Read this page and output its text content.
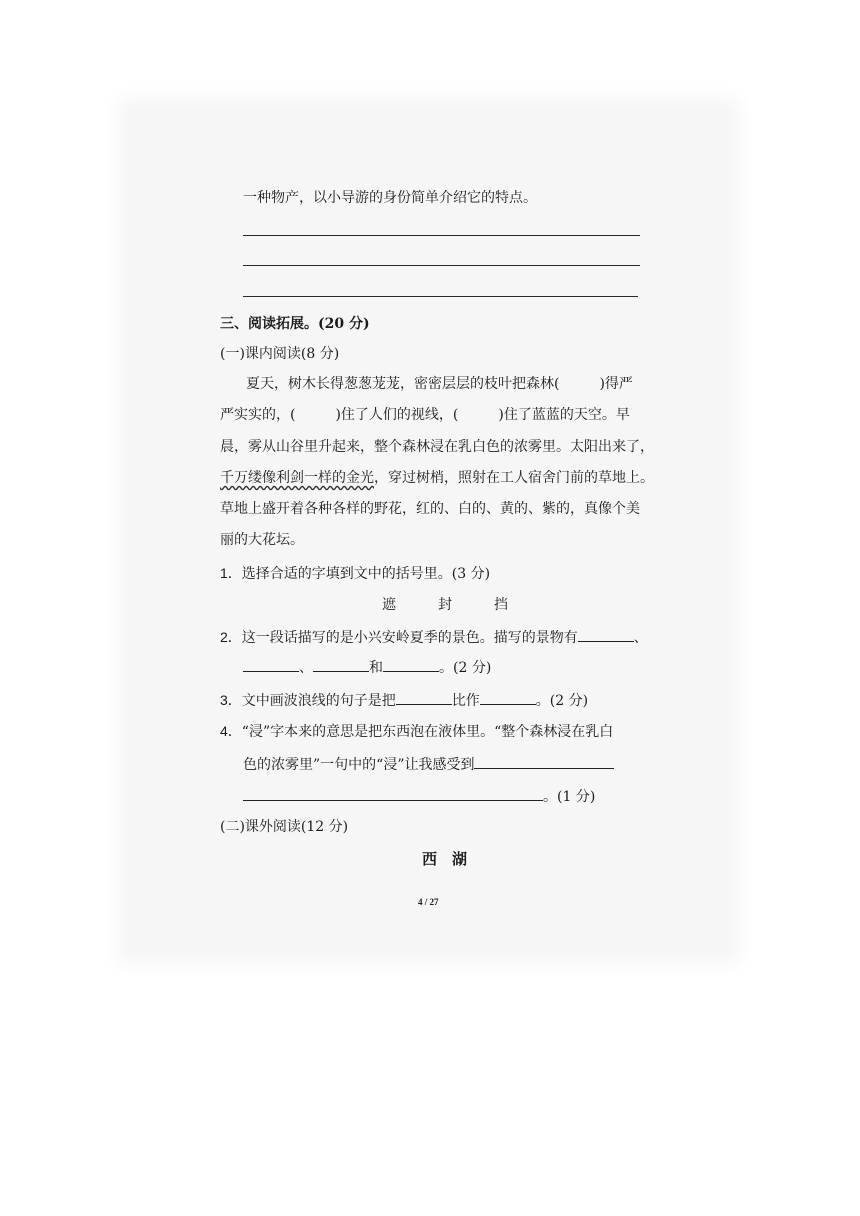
一种物产，以小导游的身份简单介绍它的特点。
三、阅读拓展。(20 分)
(一)课内阅读(8 分)
夏天，树木长得葱葱茏茏，密密层层的枝叶把森林(	)得严
严实实的，(	)住了人们的视线，(	)住了蓝蓝的天空。早
晨，雾从山谷里升起来，整个森林浸在乳白色的浓雾里。太阳出来了，
千万缕像利剑一样的金光，穿过树梢，照射在工人宿舍门前的草地上。
草地上盛开着各种各样的野花，红的、白的、黄的、紫的，真像个美
丽的大花坛。
1．选择合适的字填到文中的括号里。(3 分)
遮	封	挡
2．这一段话描写的是小兴安岭夏季的景色。描写的景物有	、
、	和	。(2 分)
3．文中画波浪线的句子是把	比作	。(2 分)
4．“浸”字本来的意思是把东西泡在液体里。“整个森林浸在乳白
色的浓雾里”一句中的“浸”让我感受到
。(1 分)
(二)课外阅读(12 分)
西　湖
4 / 27
